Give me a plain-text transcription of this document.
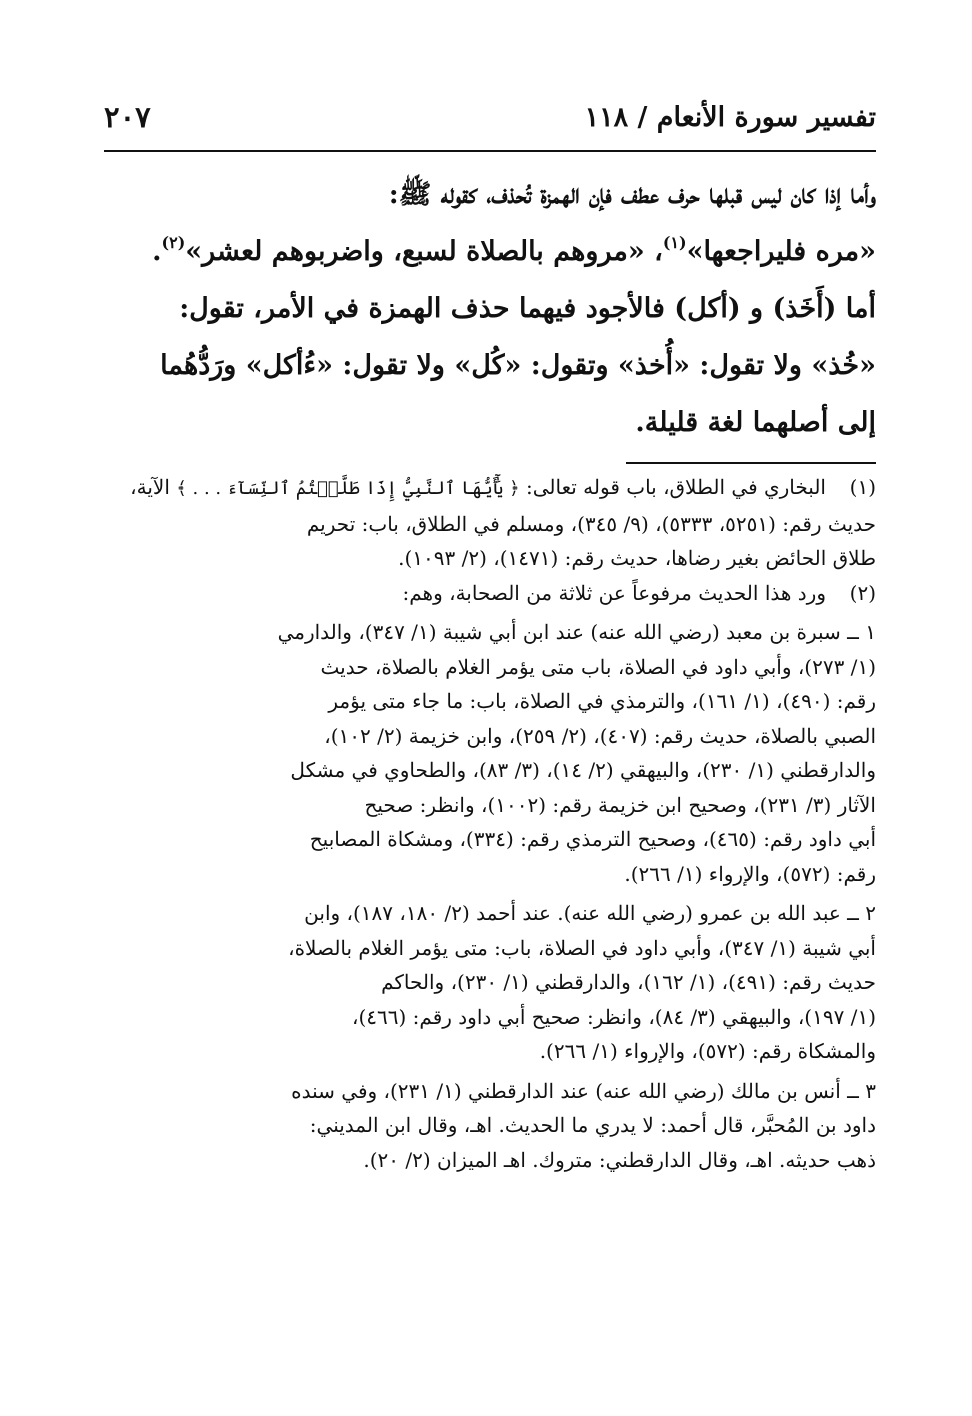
تفسير سورة الأنعام / ١١٨
٢٠٧

وأما إذا كان ليس قبلها حرف عطف فإن الهمزة تُحذف، كقوله ﷺ:

«مره فليراجعها»$^{(١)}$، «مروهم بالصلاة لسبع، واضربوهم لعشر»$^{(٢)}$.

أما (أَخَذ) و (أكل) فالأجود فيهما حذف الهمزة في الأمر، تقول:

«خُذ» ولا تقول: «أُخذ» وتقول: «كُل» ولا تقول: «ءُأكل» ورَدُّهُما

إلى أصلهما لغة قليلة.

(١)البخاري في الطلاق، باب قوله تعالى: ﴿ يَٰٓأَيُّهَا ٱلنَّبِيُّ إِذَا طَلَّقۡتُمُ ٱلنِّسَآءَ . . . ﴾ الآية،

حديث رقم: (٥٢٥١، ٥٣٣٣)، (٩/ ٣٤٥)، ومسلم في الطلاق، باب: تحريم

طلاق الحائض بغير رضاها، حديث رقم: (١٤٧١)، (٢/ ١٠٩٣).

(٢)ورد هذا الحديث مرفوعاً عن ثلاثة من الصحابة، وهم:

١ ــ سبرة بن معبد (رضي الله عنه) عند ابن أبي شيبة (١/ ٣٤٧)، والدارمي

(١/ ٢٧٣)، وأبي داود في الصلاة، باب متى يؤمر الغلام بالصلاة، حديث

رقم: (٤٩٠)، (١/ ١٦١)، والترمذي في الصلاة، باب: ما جاء متى يؤمر

الصبي بالصلاة، حديث رقم: (٤٠٧)، (٢/ ٢٥٩)، وابن خزيمة (٢/ ١٠٢)،

والدارقطني (١/ ٢٣٠)، والبيهقي (٢/ ١٤)، (٣/ ٨٣)، والطحاوي في مشكل

الآثار (٣/ ٢٣١)، وصحيح ابن خزيمة رقم: (١٠٠٢)، وانظر: صحيح

أبي داود رقم: (٤٦٥)، وصحيح الترمذي رقم: (٣٣٤)، ومشكاة المصابيح

رقم: (٥٧٢)، والإرواء (١/ ٢٦٦).

٢ ــ عبد الله بن عمرو (رضي الله عنه). عند أحمد (٢/ ١٨٠، ١٨٧)، وابن

أبي شيبة (١/ ٣٤٧)، وأبي داود في الصلاة، باب: متى يؤمر الغلام بالصلاة،

حديث رقم: (٤٩١)، (١/ ١٦٢)، والدارقطني (١/ ٢٣٠)، والحاكم

(١/ ١٩٧)، والبيهقي (٣/ ٨٤)، وانظر: صحيح أبي داود رقم: (٤٦٦)،

والمشكاة رقم: (٥٧٢)، والإرواء (١/ ٢٦٦).

٣ ــ أنس بن مالك (رضي الله عنه) عند الدارقطني (١/ ٢٣١)، وفي سنده

داود بن المُحبَّر، قال أحمد: لا يدري ما الحديث. اهـ، وقال ابن المديني:

ذهب حديثه. اهـ، وقال الدارقطني: متروك. اهـ الميزان (٢/ ٢٠).
